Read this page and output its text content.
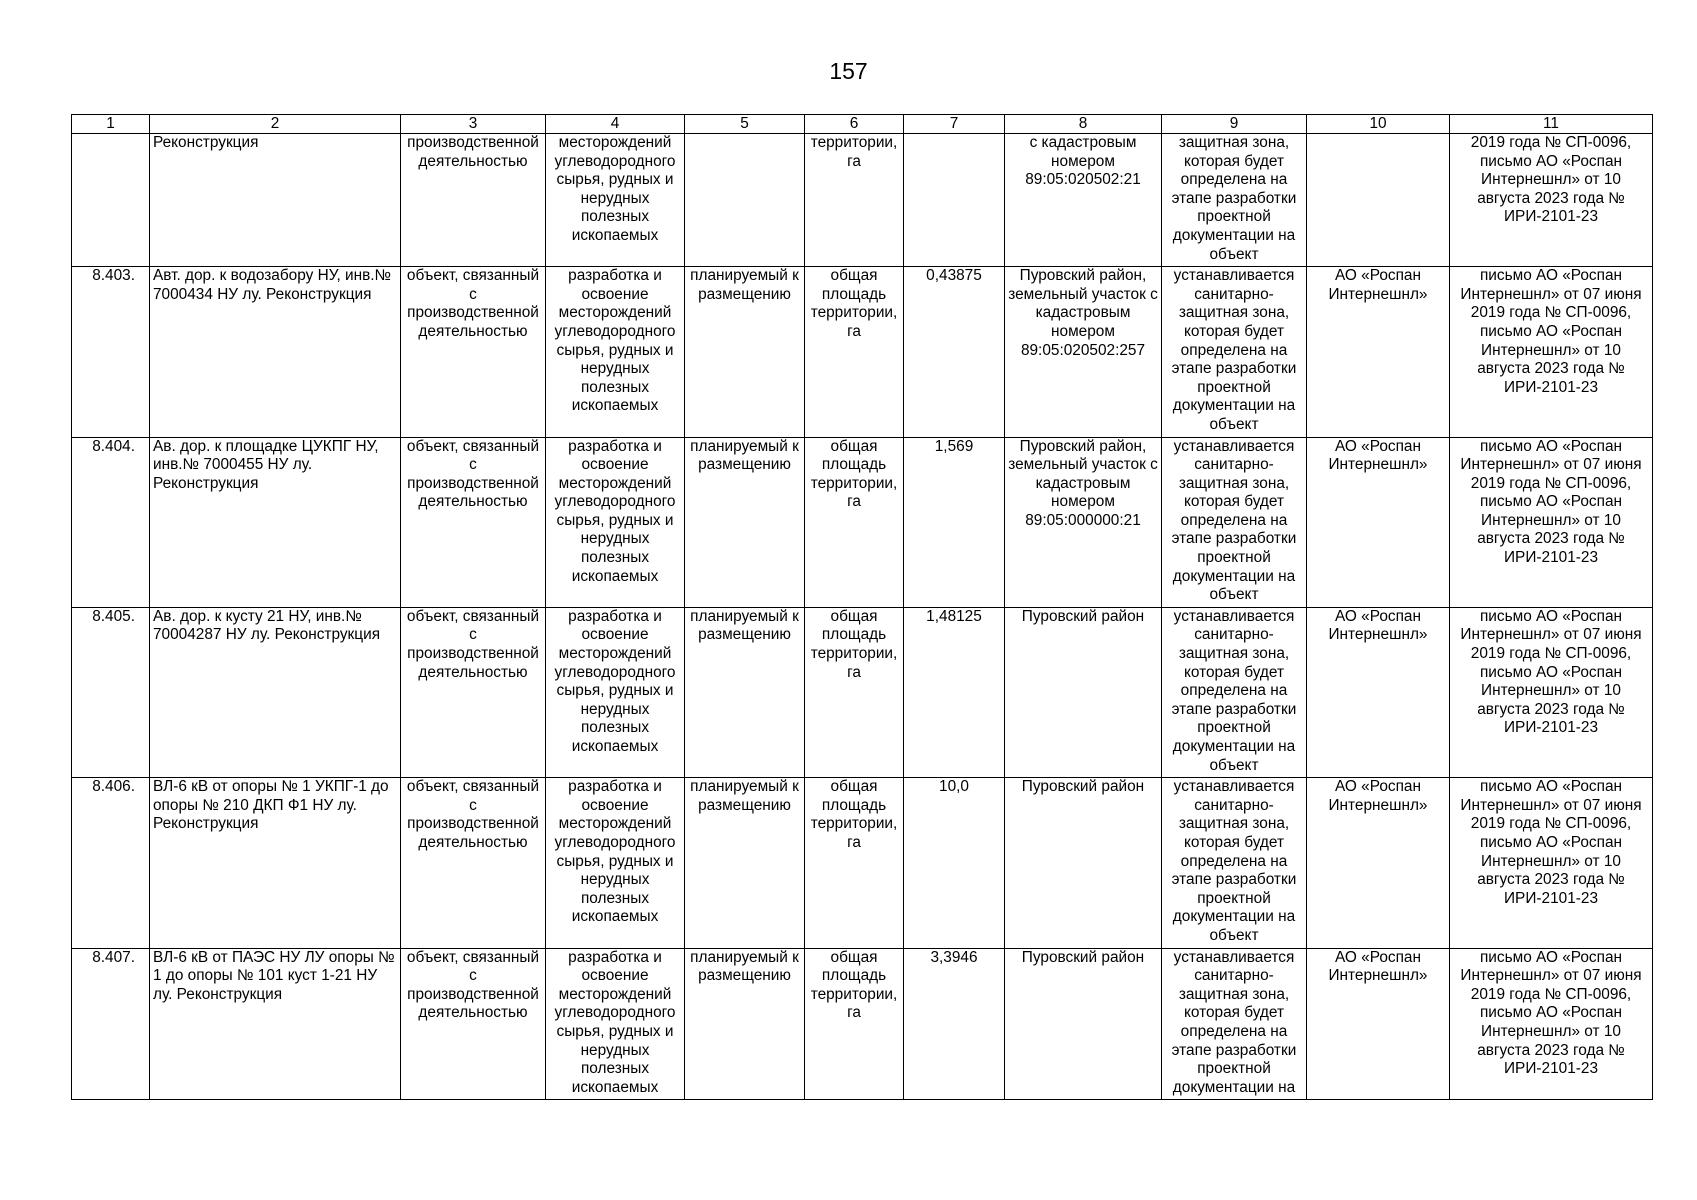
157
1	2	3	4	5	6	7	8	9	10	11
	Реконструкция	производственной деятельностью	месторождений углеводородного сырья, рудных и нерудных полезных ископаемых		территории, га		с кадастровым номером 89:05:020502:21	защитная зона, которая будет определена на этапе разработки проектной документации на объект		2019 года № СП-0096, письмо АО «Роспан Интернешнл» от 10 августа 2023 года № ИРИ-2101-23
8.403.	Авт. дор. к водозабору НУ, инв.№ 7000434 НУ лу. Реконструкция	объект, связанный с производственной деятельностью	разработка и освоение месторождений углеводородного сырья, рудных и нерудных полезных ископаемых	планируемый к размещению	общая площадь территории, га	0,43875	Пуровский район, земельный участок с кадастровым номером 89:05:020502:257	устанавливается санитарно-защитная зона, которая будет определена на этапе разработки проектной документации на объект	АО «Роспан Интернешнл»	письмо АО «Роспан Интернешнл» от 07 июня 2019 года № СП-0096, письмо АО «Роспан Интернешнл» от 10 августа 2023 года № ИРИ-2101-23
8.404.	Ав. дор. к площадке ЦУКПГ НУ, инв.№ 7000455 НУ лу. Реконструкция	объект, связанный с производственной деятельностью	разработка и освоение месторождений углеводородного сырья, рудных и нерудных полезных ископаемых	планируемый к размещению	общая площадь территории, га	1,569	Пуровский район, земельный участок с кадастровым номером 89:05:000000:21	устанавливается санитарно-защитная зона, которая будет определена на этапе разработки проектной документации на объект	АО «Роспан Интернешнл»	письмо АО «Роспан Интернешнл» от 07 июня 2019 года № СП-0096, письмо АО «Роспан Интернешнл» от 10 августа 2023 года № ИРИ-2101-23
8.405.	Ав. дор. к кусту 21 НУ, инв.№ 70004287 НУ лу. Реконструкция	объект, связанный с производственной деятельностью	разработка и освоение месторождений углеводородного сырья, рудных и нерудных полезных ископаемых	планируемый к размещению	общая площадь территории, га	1,48125	Пуровский район	устанавливается санитарно-защитная зона, которая будет определена на этапе разработки проектной документации на объект	АО «Роспан Интернешнл»	письмо АО «Роспан Интернешнл» от 07 июня 2019 года № СП-0096, письмо АО «Роспан Интернешнл» от 10 августа 2023 года № ИРИ-2101-23
8.406.	ВЛ-6 кВ от опоры № 1 УКПГ-1 до опоры № 210 ДКП Ф1 НУ лу. Реконструкция	объект, связанный с производственной деятельностью	разработка и освоение месторождений углеводородного сырья, рудных и нерудных полезных ископаемых	планируемый к размещению	общая площадь территории, га	10,0	Пуровский район	устанавливается санитарно-защитная зона, которая будет определена на этапе разработки проектной документации на объект	АО «Роспан Интернешнл»	письмо АО «Роспан Интернешнл» от 07 июня 2019 года № СП-0096, письмо АО «Роспан Интернешнл» от 10 августа 2023 года № ИРИ-2101-23
8.407.	ВЛ-6 кВ от ПАЭС НУ ЛУ опоры № 1 до опоры № 101 куст 1-21 НУ лу. Реконструкция	объект, связанный с производственной деятельностью	разработка и освоение месторождений углеводородного сырья, рудных и нерудных полезных ископаемых	планируемый к размещению	общая площадь территории, га	3,3946	Пуровский район	устанавливается санитарно-защитная зона, которая будет определена на этапе разработки проектной документации на	АО «Роспан Интернешнл»	письмо АО «Роспан Интернешнл» от 07 июня 2019 года № СП-0096, письмо АО «Роспан Интернешнл» от 10 августа 2023 года № ИРИ-2101-23
